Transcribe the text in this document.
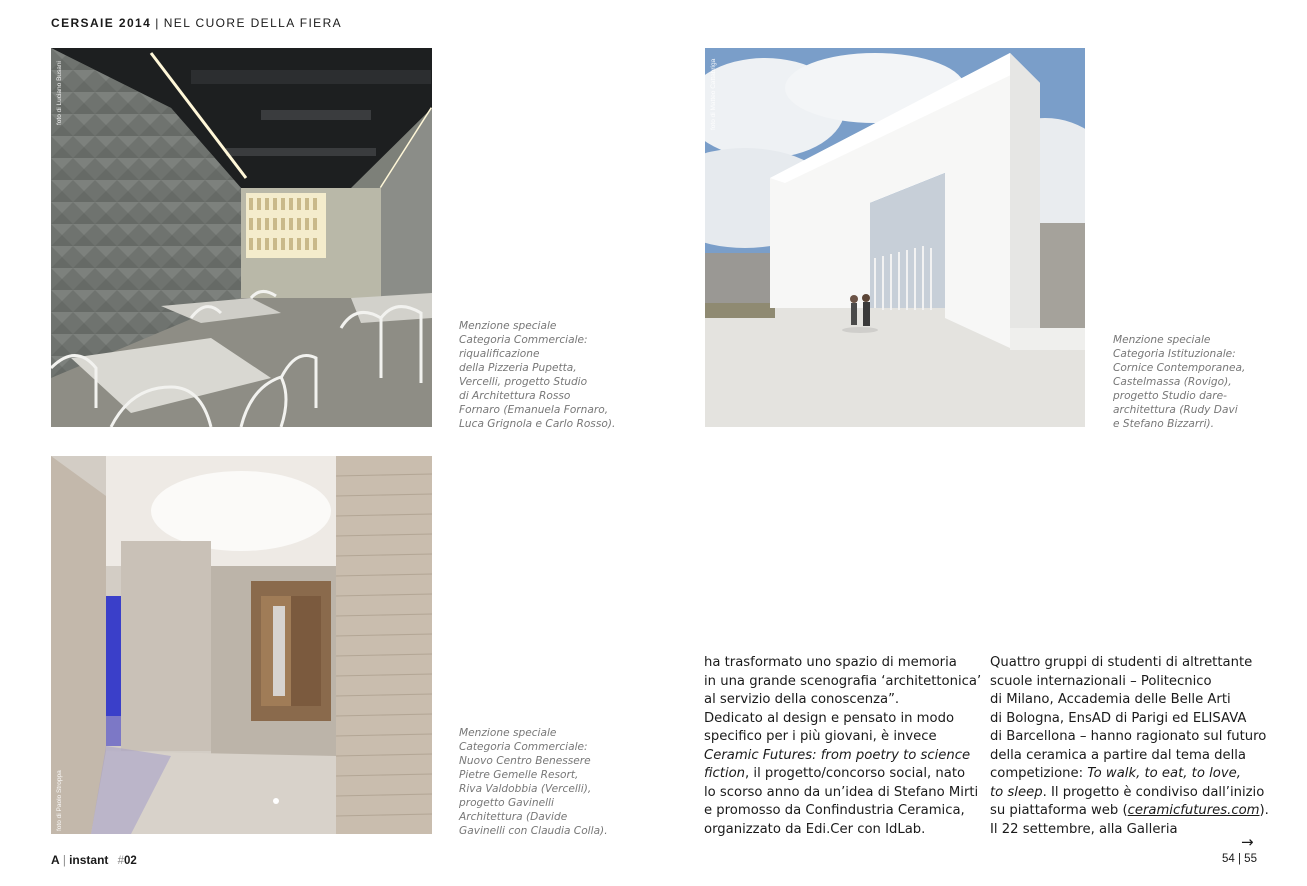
CERSAIE 2014 | NEL CUORE DELLA FIERA
foto di Luciano Busani
Menzione speciale
Categoria Commerciale:
riqualificazione
della Pizzeria Pupetta,
Vercelli, progetto Studio
di Architettura Rosso
Fornaro (Emanuela Fornaro,
Luca Grignola e Carlo Rosso).
foto di Matteo Cattabriga
Menzione speciale
Categoria Istituzionale:
Cornice Contemporanea,
Castelmassa (Rovigo),
progetto Studio dare-
architettura (Rudy Davi
e Stefano Bizzarri).
foto di Paolo Stroppa
Menzione speciale
Categoria Commerciale:
Nuovo Centro Benessere
Pietre Gemelle Resort,
Riva Valdobbia (Vercelli),
progetto Gavinelli
Architettura (Davide
Gavinelli con Claudia Colla).
ha trasformato uno spazio di memoria
in una grande scenografia ‘architettonica’
al servizio della conoscenza”.
Dedicato al design e pensato in modo
specifico per i più giovani, è invece
Ceramic Futures: from poetry to science
fiction, il progetto/concorso social, nato
lo scorso anno da un’idea di Stefano Mirti
e promosso da Confindustria Ceramica,
organizzato da Edi.Cer con IdLab.
Quattro gruppi di studenti di altrettante
scuole internazionali – Politecnico
di Milano, Accademia delle Belle Arti
di Bologna, EnsAD di Parigi ed ELISAVA
di Barcellona – hanno ragionato sul futuro
della ceramica a partire dal tema della
competizione: To walk, to eat, to love,
to sleep. Il progetto è condiviso dall’inizio
su piattaforma web (ceramicfutures.com).
Il 22 settembre, alla Galleria
→
A | instant #02	54 | 55
